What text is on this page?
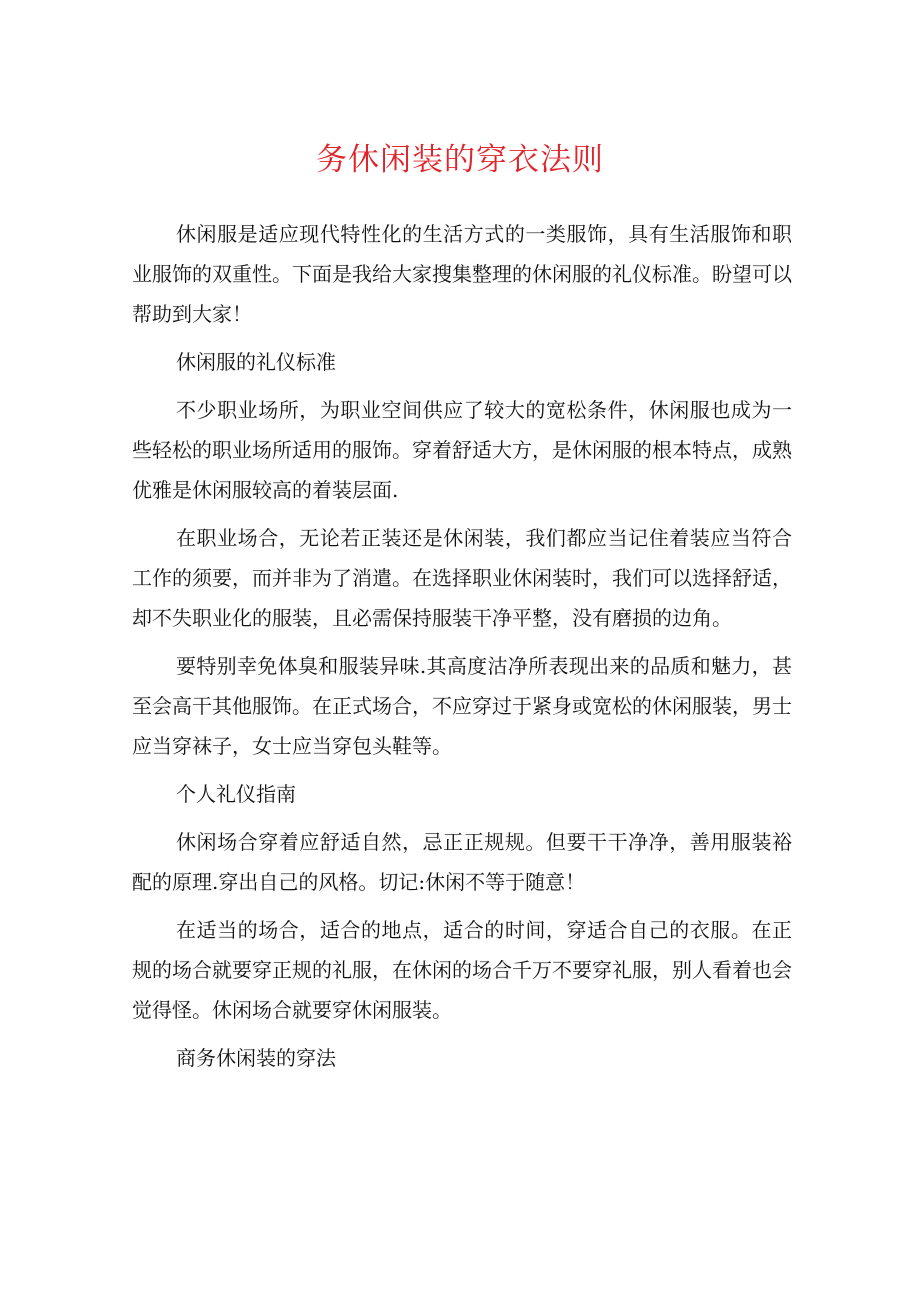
务休闲装的穿衣法则

休闲服是适应现代特性化的生活方式的一类服饰，具有生活服饰和职业服饰的双重性。下面是我给大家搜集整理的休闲服的礼仪标准。盼望可以帮助到大家！

休闲服的礼仪标准

不少职业场所，为职业空间供应了较大的宽松条件，休闲服也成为一些轻松的职业场所适用的服饰。穿着舒适大方，是休闲服的根本特点，成熟优雅是休闲服较高的着装层面.

在职业场合，无论若正装还是休闲装，我们都应当记住着装应当符合工作的须要，而并非为了消遣。在选择职业休闲装时，我们可以选择舒适，却不失职业化的服装，且必需保持服装干净平整，没有磨损的边角。

要特别幸免体臭和服装异味.其高度沽净所表现出来的品质和魅力，甚至会高干其他服饰。在正式场合，不应穿过于紧身或宽松的休闲服装，男士应当穿袜子，女士应当穿包头鞋等。

个人礼仪指南

休闲场合穿着应舒适自然，忌正正规规。但要干干净净，善用服装裕配的原理.穿出自己的风格。切记:休闲不等于随意！

在适当的场合，适合的地点，适合的时间，穿适合自己的衣服。在正规的场合就要穿正规的礼服，在休闲的场合千万不要穿礼服，别人看着也会觉得怪。休闲场合就要穿休闲服装。

商务休闲装的穿法
